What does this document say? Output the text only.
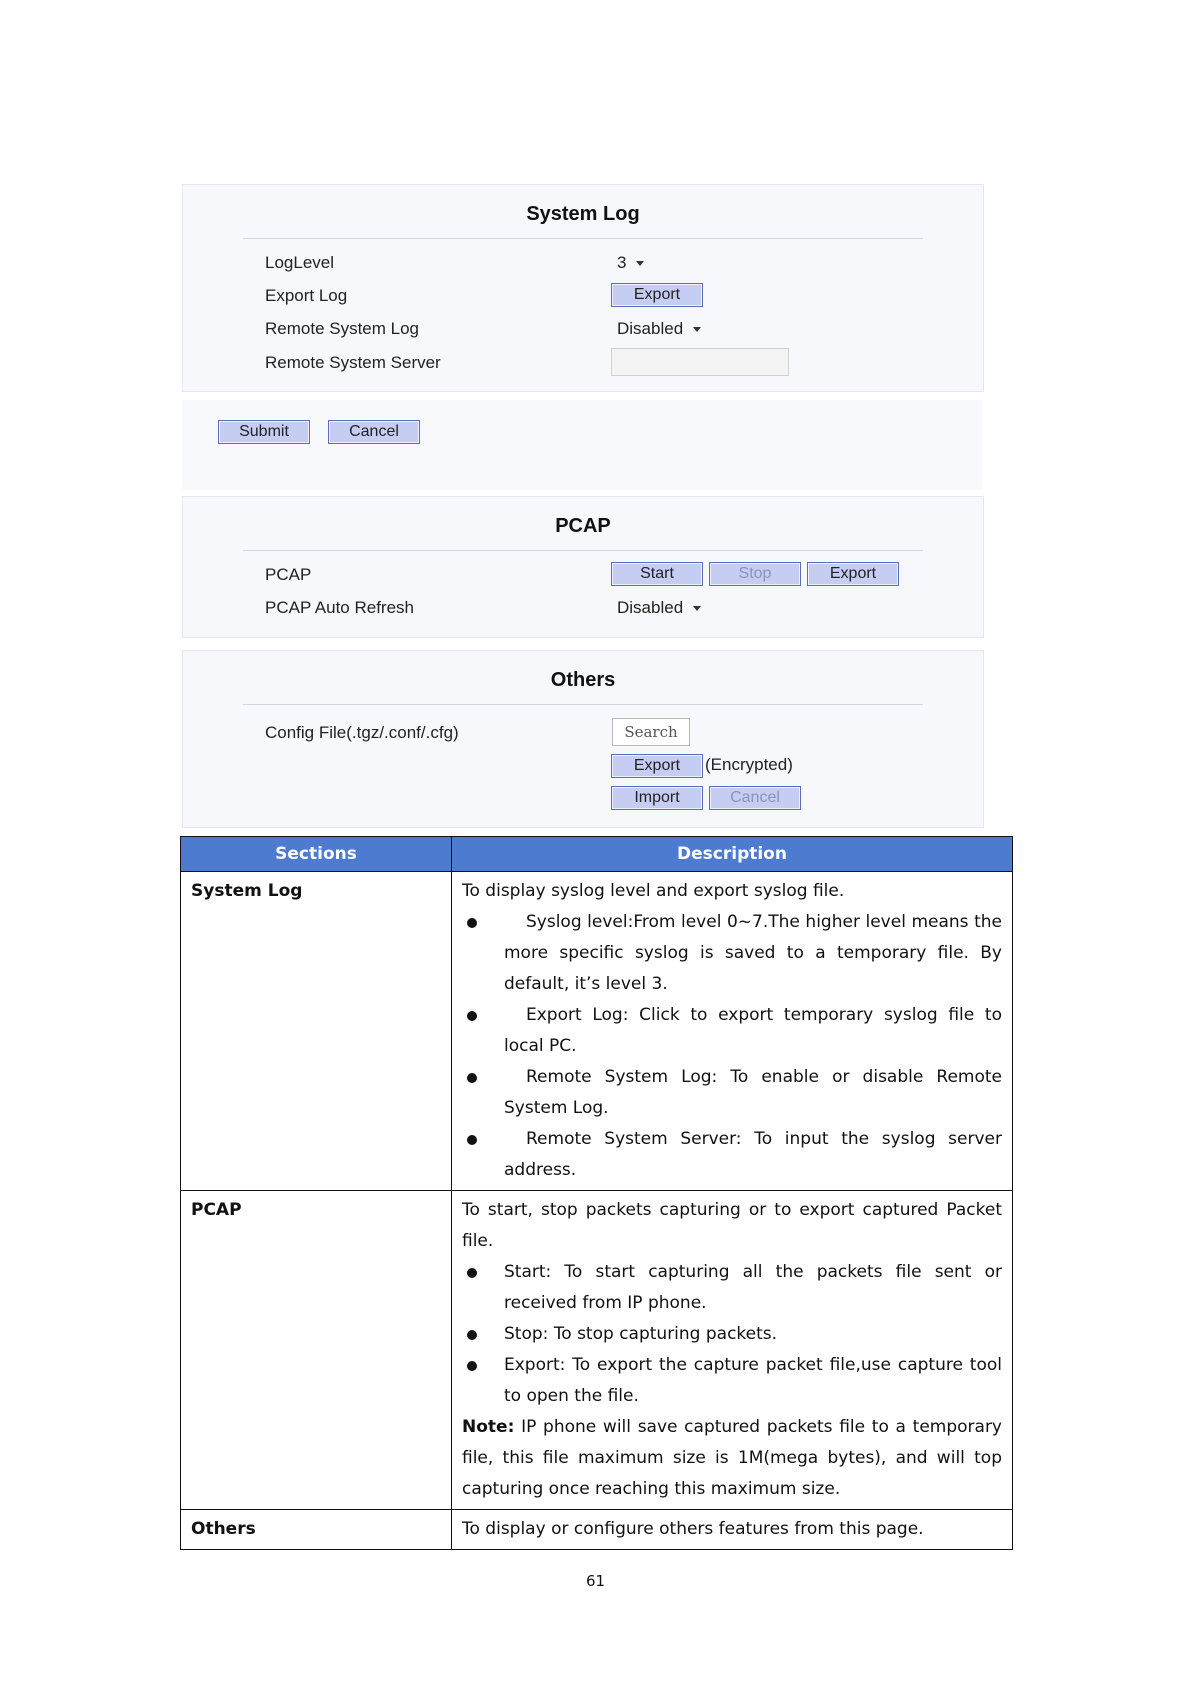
System Log
LogLevel	3
Export Log	Export
Remote System Log	Disabled
Remote System Server
Submit	Cancel
PCAP
PCAP	Start	Stop	Export
PCAP Auto Refresh	Disabled
Others
Config File(.tgz/.conf/.cfg)	Search
Export	(Encrypted)
Import	Cancel
Sections	Description
System Log	To display syslog level and export syslog file.
Syslog level:From level 0~7.The higher level means the more specific syslog is saved to a temporary file. By default, it’s level 3.
Export Log: Click to export temporary syslog file to local PC.
Remote System Log: To enable or disable Remote System Log.
Remote System Server: To input the syslog server address.

PCAP	To start, stop packets capturing or to export captured Packet file.
Start: To start capturing all the packets file sent or received from IP phone.
Stop: To stop capturing packets.
Export: To export the capture packet file,use capture tool to open the file.
Note: IP phone will save captured packets file to a temporary file, this file maximum size is 1M(mega bytes), and will top capturing once reaching this maximum size.

Others	To display or configure others features from this page.
61
